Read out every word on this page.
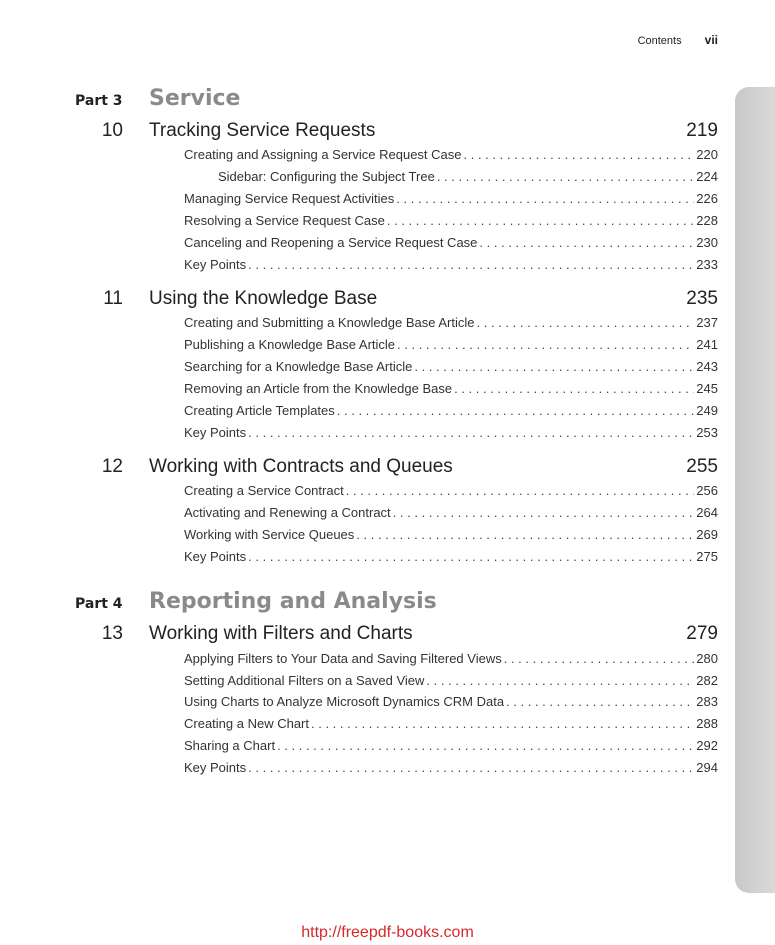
Contents vii
Part 3 Service
10 Tracking Service Requests	219
Creating and Assigning a Service Request Case . . .	220
Sidebar: Configuring the Subject Tree . . .	224
Managing Service Request Activities . . .	226
Resolving a Service Request Case . . .	228
Canceling and Reopening a Service Request Case . . .	230
Key Points . . .	233
11 Using the Knowledge Base	235
Creating and Submitting a Knowledge Base Article . . .	237
Publishing a Knowledge Base Article . . .	241
Searching for a Knowledge Base Article . . .	243
Removing an Article from the Knowledge Base . . .	245
Creating Article Templates . . .	249
Key Points . . .	253
12 Working with Contracts and Queues	255
Creating a Service Contract . . .	256
Activating and Renewing a Contract . . .	264
Working with Service Queues . . .	269
Key Points . . .	275
Part 4 Reporting and Analysis
13 Working with Filters and Charts	279
Applying Filters to Your Data and Saving Filtered Views . . .	280
Setting Additional Filters on a Saved View . . .	282
Using Charts to Analyze Microsoft Dynamics CRM Data . . .	283
Creating a New Chart . . .	288
Sharing a Chart . . .	292
Key Points . . .	294
http://freepdf-books.com
